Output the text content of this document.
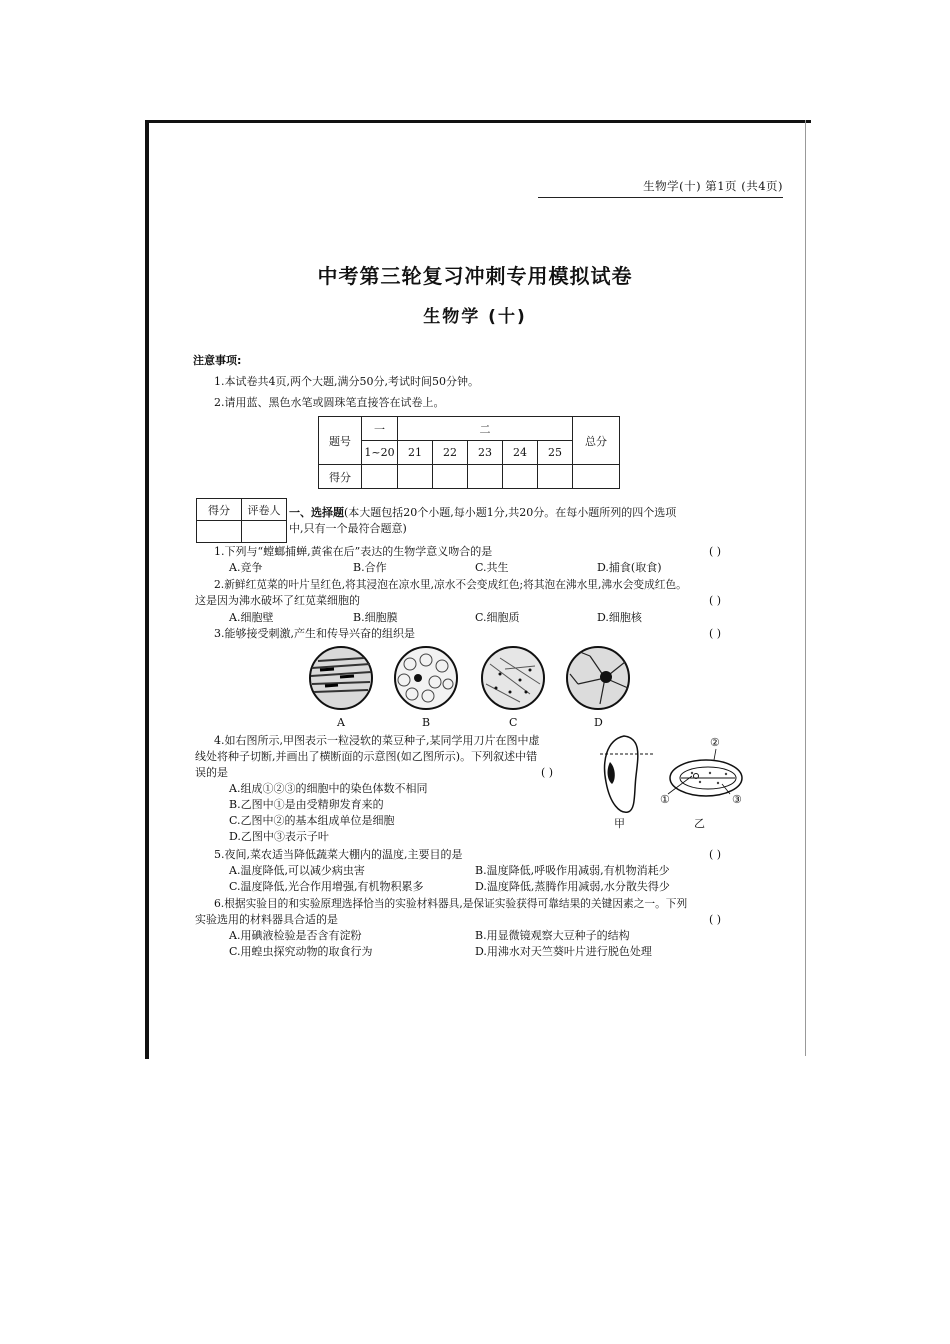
生物学(十) 第1页 (共4页)
中考第三轮复习冲刺专用模拟试卷
生物学 (十)
注意事项:
1.本试卷共4页,两个大题,满分50分,考试时间50分钟。
2.请用蓝、黑色水笔或圆珠笔直接答在试卷上。
题号	一	二					总分
	1~20	21	22	23	24	25	
得分							
得分	评卷人
	一、选择题(本大题包括20个小题,每小题1分,共20分。在每小题所列的四个选项
中,只有一个最符合题意)
1.下列与“螳螂捕蝉,黄雀在后”表达的生物学意义吻合的是	( )
A.竞争	B.合作	C.共生	D.捕食(取食)
2.新鲜红苋菜的叶片呈红色,将其浸泡在凉水里,凉水不会变成红色;将其泡在沸水里,沸水会变成红色。
这是因为沸水破坏了红苋菜细胞的	( )
A.细胞壁	B.细胞膜	C.细胞质	D.细胞核
3.能够接受刺激,产生和传导兴奋的组织是	( )
A	B	C	D
4.如右图所示,甲图表示一粒浸软的菜豆种子,某同学用刀片在图中虚
线处将种子切断,并画出了横断面的示意图(如乙图所示)。下列叙述中错
误的是	( )
A.组成①②③的细胞中的染色体数不相同
B.乙图中①是由受精卵发育来的
C.乙图中②的基本组成单位是细胞
D.乙图中③表示子叶
②
①	③
甲	乙
5.夜间,菜农适当降低蔬菜大棚内的温度,主要目的是	( )
A.温度降低,可以减少病虫害	B.温度降低,呼吸作用减弱,有机物消耗少
C.温度降低,光合作用增强,有机物积累多	D.温度降低,蒸腾作用减弱,水分散失得少
6.根据实验目的和实验原理选择恰当的实验材料器具,是保证实验获得可靠结果的关键因素之一。下列
实验选用的材料器具合适的是	( )
A.用碘液检验是否含有淀粉	B.用显微镜观察大豆种子的结构
C.用蝗虫探究动物的取食行为	D.用沸水对天竺葵叶片进行脱色处理
